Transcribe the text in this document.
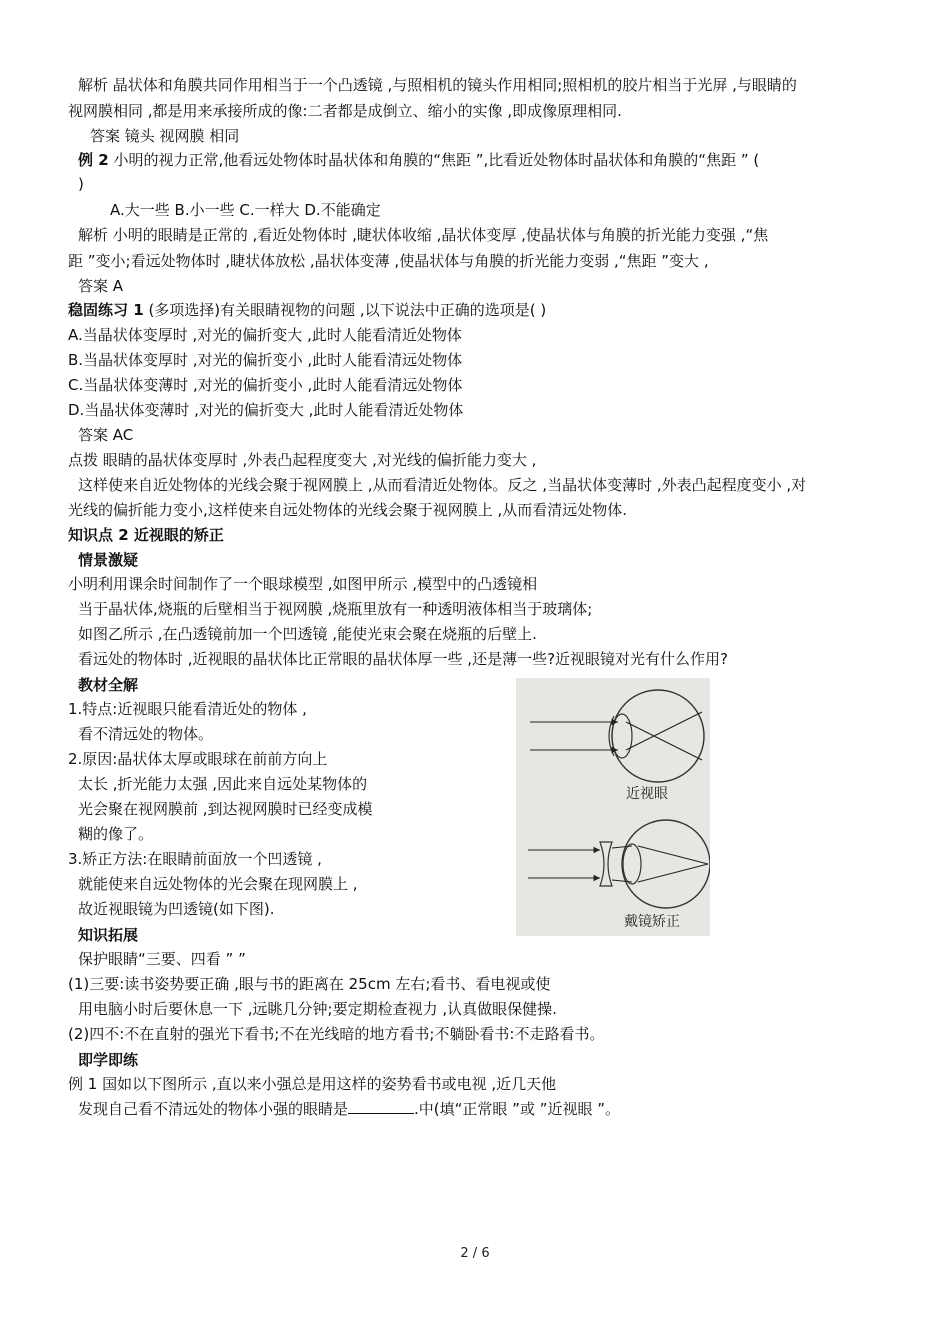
解析 晶状体和角膜共同作用相当于一个凸透镜 ,与照相机的镜头作用相同;照相机的胶片相当于光屏 ,与眼睛的
视网膜相同 ,都是用来承接所成的像:二者都是成倒立、缩小的实像 ,即成像原理相同.
答案 镜头 视网膜 相同
例 2 小明的视力正常,他看远处物体时晶状体和角膜的“焦距 ”,比看近处物体时晶状体和角膜的“焦距 ” (
)
A.大一些 B.小一些 C.一样大 D.不能确定
解析 小明的眼睛是正常的 ,看近处物体时 ,睫状体收缩 ,晶状体变厚 ,使晶状体与角膜的折光能力变强 ,“焦
距 ”变小;看远处物体时 ,睫状体放松 ,晶状体变薄 ,使晶状体与角膜的折光能力变弱 ,“焦距 ”变大 ,
答案 A
稳固练习 1 (多项选择)有关眼睛视物的问题 ,以下说法中正确的选项是( )
A.当晶状体变厚时 ,对光的偏折变大 ,此时人能看清近处物体
B.当晶状体变厚时 ,对光的偏折变小 ,此时人能看清远处物体
C.当晶状体变薄时 ,对光的偏折变小 ,此时人能看清远处物体
D.当晶状体变薄时 ,对光的偏折变大 ,此时人能看清近处物体
答案 AC
点拨 眼睛的晶状体变厚时 ,外表凸起程度变大 ,对光线的偏折能力变大 ,
这样使来自近处物体的光线会聚于视网膜上 ,从而看清近处物体。反之 ,当晶状体变薄时 ,外表凸起程度变小 ,对
光线的偏折能力变小,这样使来自远处物体的光线会聚于视网膜上 ,从而看清远处物体.
知识点 2 近视眼的矫正
情景激疑
小明利用课余时间制作了一个眼球模型 ,如图甲所示 ,模型中的凸透镜相
当于晶状体,烧瓶的后壁相当于视网膜 ,烧瓶里放有一种透明液体相当于玻璃体;
如图乙所示 ,在凸透镜前加一个凹透镜 ,能使光束会聚在烧瓶的后壁上.
看远处的物体时 ,近视眼的晶状体比正常眼的晶状体厚一些 ,还是薄一些?近视眼镜对光有什么作用?
教材全解
1.特点:近视眼只能看清近处的物体 ,
看不清远处的物体。
2.原因:晶状体太厚或眼球在前前方向上
太长 ,折光能力太强 ,因此来自远处某物体的
光会聚在视网膜前 ,到达视网膜时已经变成模
糊的像了。
3.矫正方法:在眼睛前面放一个凹透镜 ,
就能使来自远处物体的光会聚在现网膜上 ,
故近视眼镜为凹透镜(如下图).
知识拓展
保护眼睛“三要、四看 ” ”
(1)三要:读书姿势要正确 ,眼与书的距离在 25cm 左右;看书、看电视或使
用电脑小时后要休息一下 ,远眺几分钟;要定期检查视力 ,认真做眼保健操.
(2)四不:不在直射的强光下看书;不在光线暗的地方看书;不躺卧看书:不走路看书。
即学即练
例 1 国如以下图所示 ,直以来小强总是用这样的姿势看书或电视 ,近几天他
发现自己看不清远处的物体小强的眼睛是	.中(填“正常眼 ”或 ”近视眼 ”。
近视眼
戴镜矫正
2 / 6
